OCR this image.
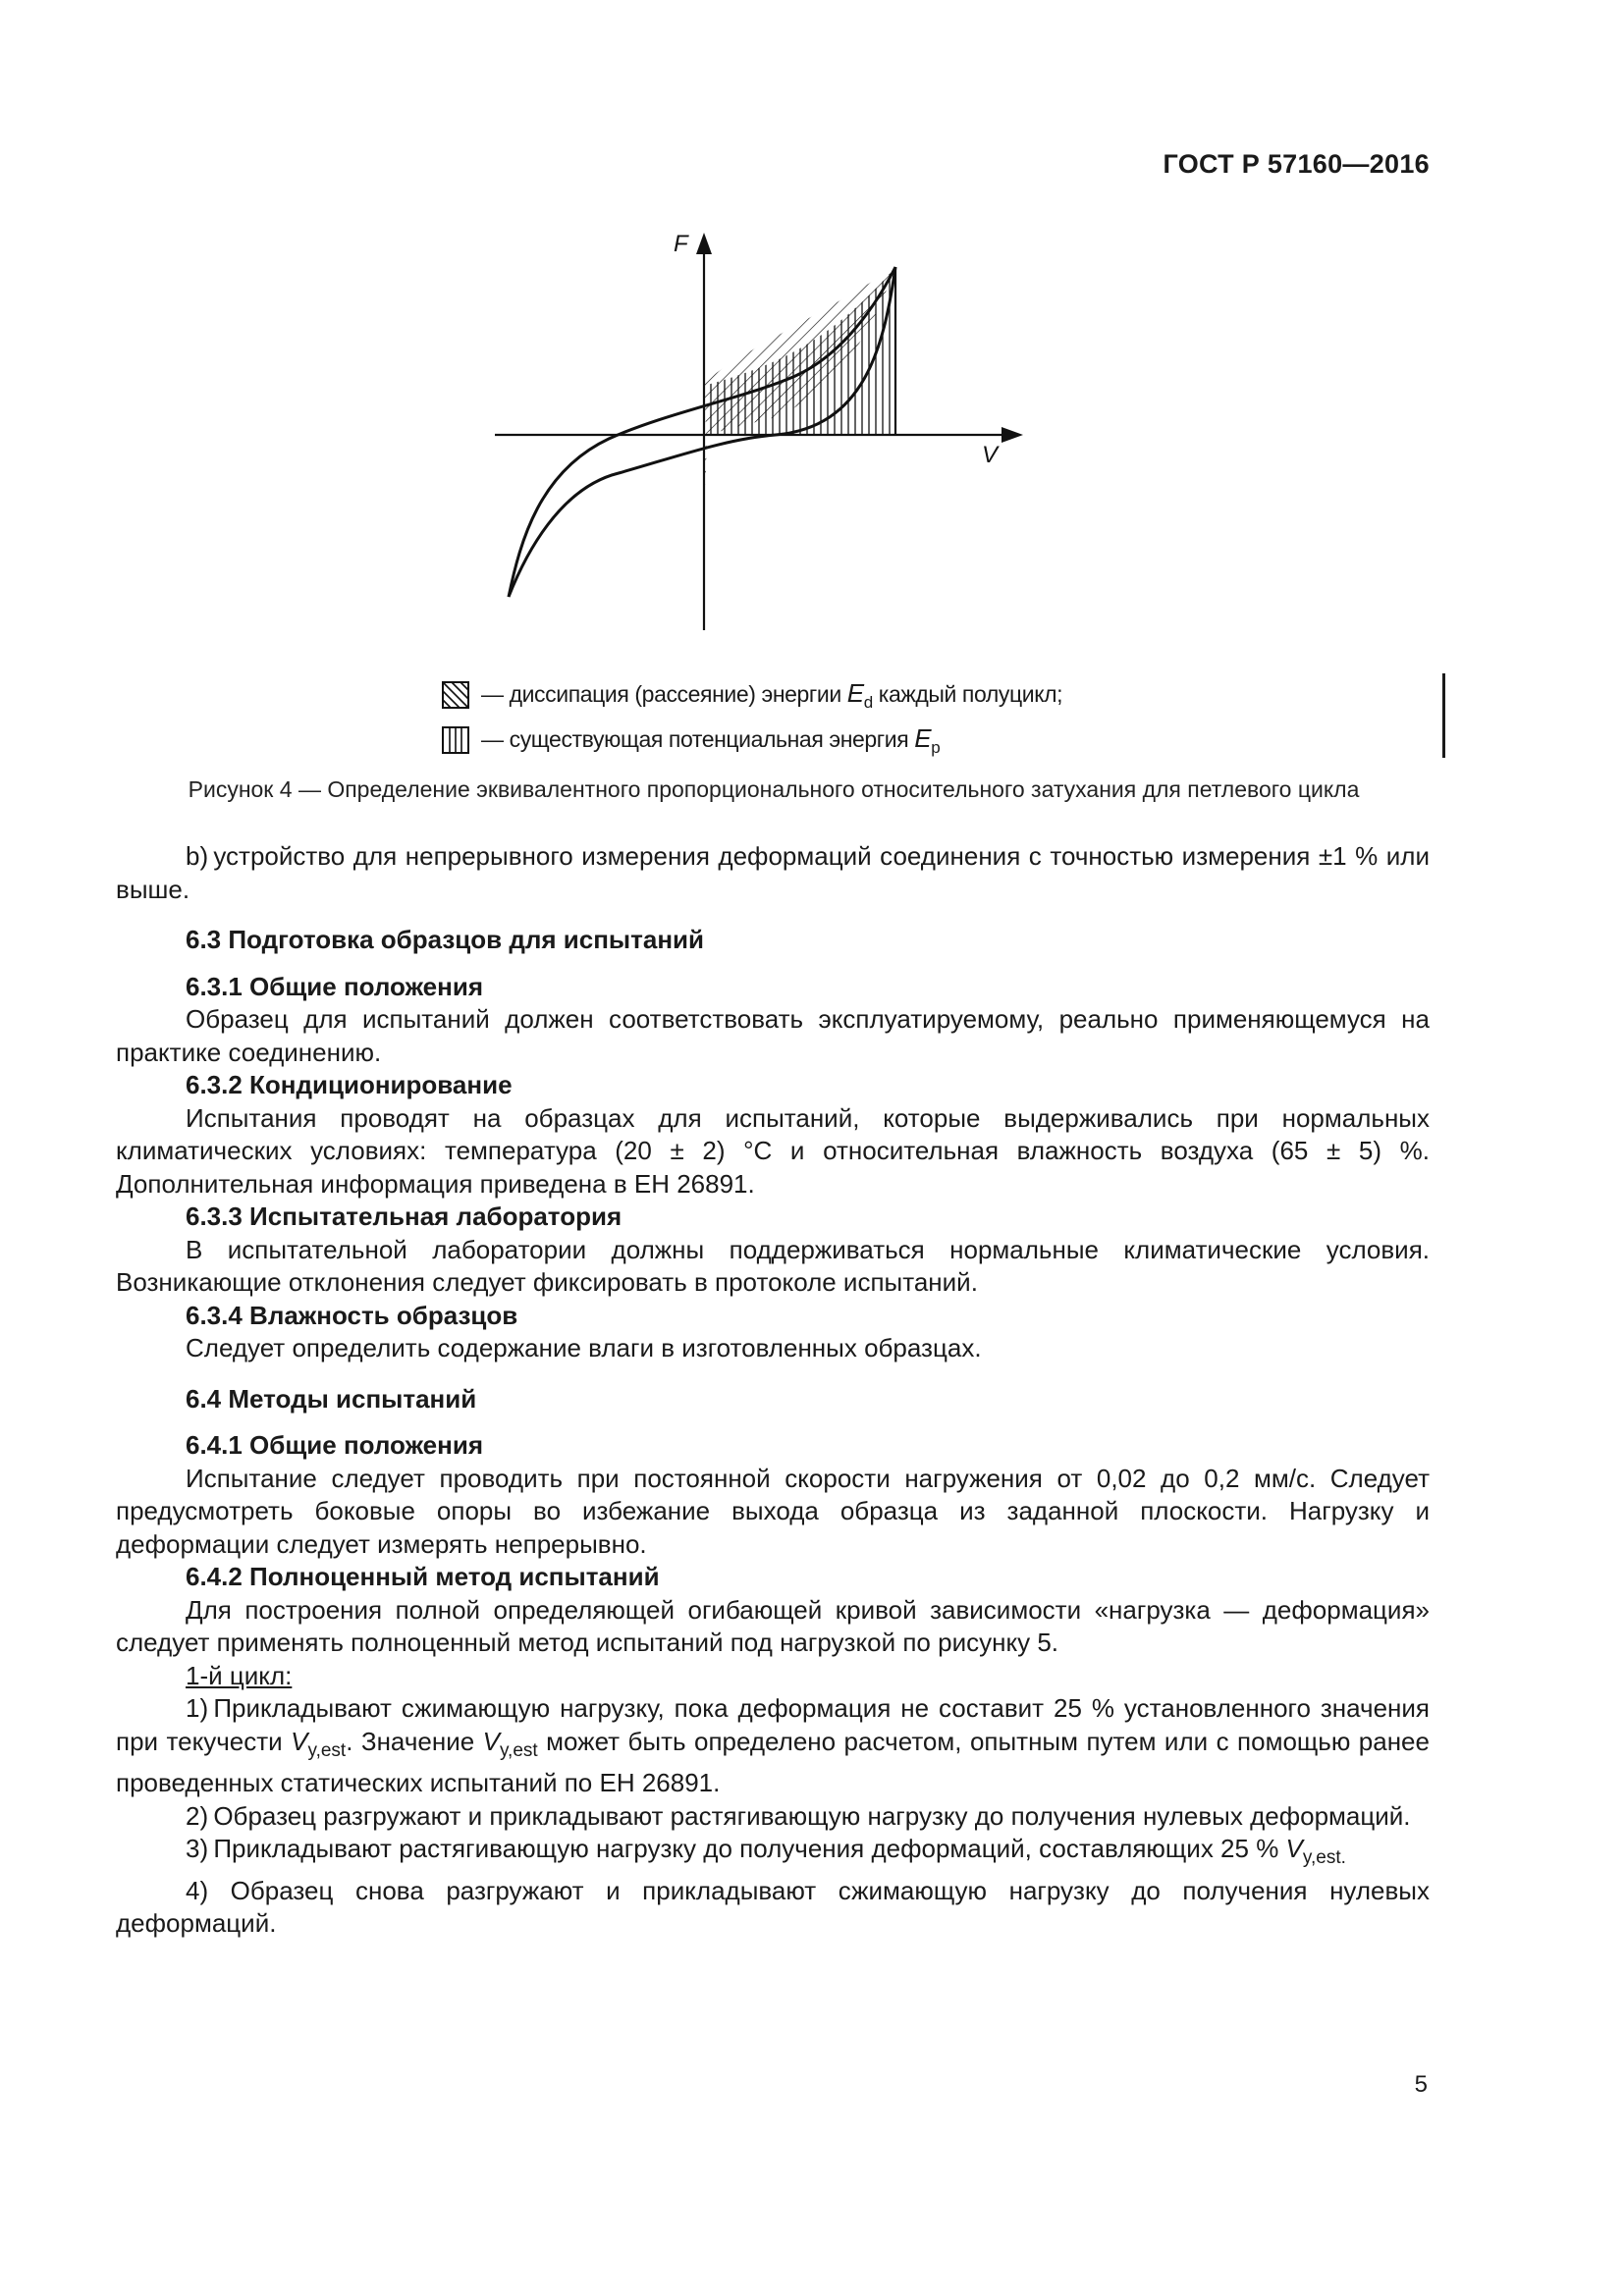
ГОСТ Р 57160—2016
F
V
— диссипация (рассеяние) энергии $E_d$ каждый полуцикл;
— существующая потенциальная энергия $E_p$
Рисунок 4 — Определение эквивалентного пропорционального относительного затухания для петлевого цикла

b) устройство для непрерывного измерения деформаций соединения с точностью измерения ±1 % или выше.

6.3 Подготовка образцов для испытаний

6.3.1 Общие положения

Образец для испытаний должен соответствовать эксплуатируемому, реально применяющемуся на практике соединению.

6.3.2 Кондиционирование

Испытания проводят на образцах для испытаний, которые выдерживались при нормальных климатических условиях: температура (20 ± 2) °С и относительная влажность воздуха (65 ± 5) %. Дополнительная информация приведена в ЕН 26891.

6.3.3 Испытательная лаборатория

В испытательной лаборатории должны поддерживаться нормальные климатические условия. Возникающие отклонения следует фиксировать в протоколе испытаний.

6.3.4 Влажность образцов

Следует определить содержание влаги в изготовленных образцах.

6.4 Методы испытаний

6.4.1 Общие положения

Испытание следует проводить при постоянной скорости нагружения от 0,02 до 0,2 мм/с. Следует предусмотреть боковые опоры во избежание выхода образца из заданной плоскости. Нагрузку и деформации следует измерять непрерывно.

6.4.2 Полноценный метод испытаний

Для построения полной определяющей огибающей кривой зависимости «нагрузка — деформация» следует применять полноценный метод испытаний под нагрузкой по рисунку 5.

1-й цикл:

1) Прикладывают сжимающую нагрузку, пока деформация не составит 25 % установленного значения при текучести $V_{y,est}$. Значение $V_{y,est}$ может быть определено расчетом, опытным путем или с помощью ранее проведенных статических испытаний по ЕН 26891.

2) Образец разгружают и прикладывают растягивающую нагрузку до получения нулевых деформаций.

3) Прикладывают растягивающую нагрузку до получения деформаций, составляющих 25 % $V_{y,est.}$

4) Образец снова разгружают и прикладывают сжимающую нагрузку до получения нулевых деформаций.

5
